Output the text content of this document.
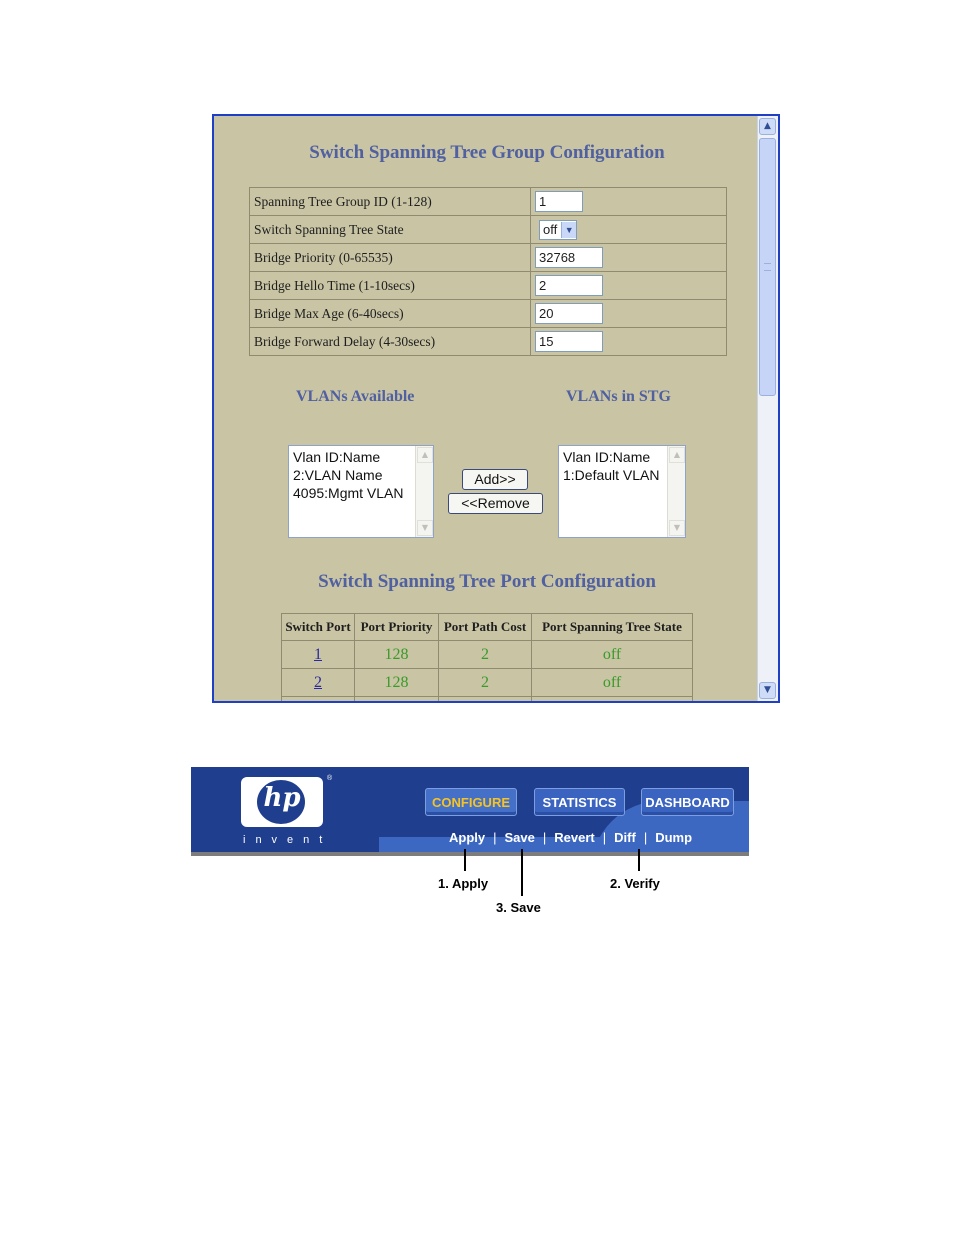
Switch Spanning Tree Group Configuration
Spanning Tree Group ID (1-128)	1
Switch Spanning Tree State	off ▼
Bridge Priority (0-65535)	32768
Bridge Hello Time (1-10secs)	2
Bridge Max Age (6-40secs)	20
Bridge Forward Delay (4-30secs)	15
VLANs Available	VLANs in STG
Vlan ID:Name
2:VLAN Name
4095:Mgmt VLAN
▲
▼
Add>>
<<Remove
Vlan ID:Name
1:Default VLAN
▲
▼
Switch Spanning Tree Port Configuration
Switch Port	Port Priority	Port Path Cost	Port Spanning Tree State
1	128	2	off
2	128	2	off

▲
▼
hp
®
invent
CONFIGURE	STATISTICS	DASHBOARD
Apply | Save | Revert | Diff | Dump
1. Apply
3. Save
2. Verify
